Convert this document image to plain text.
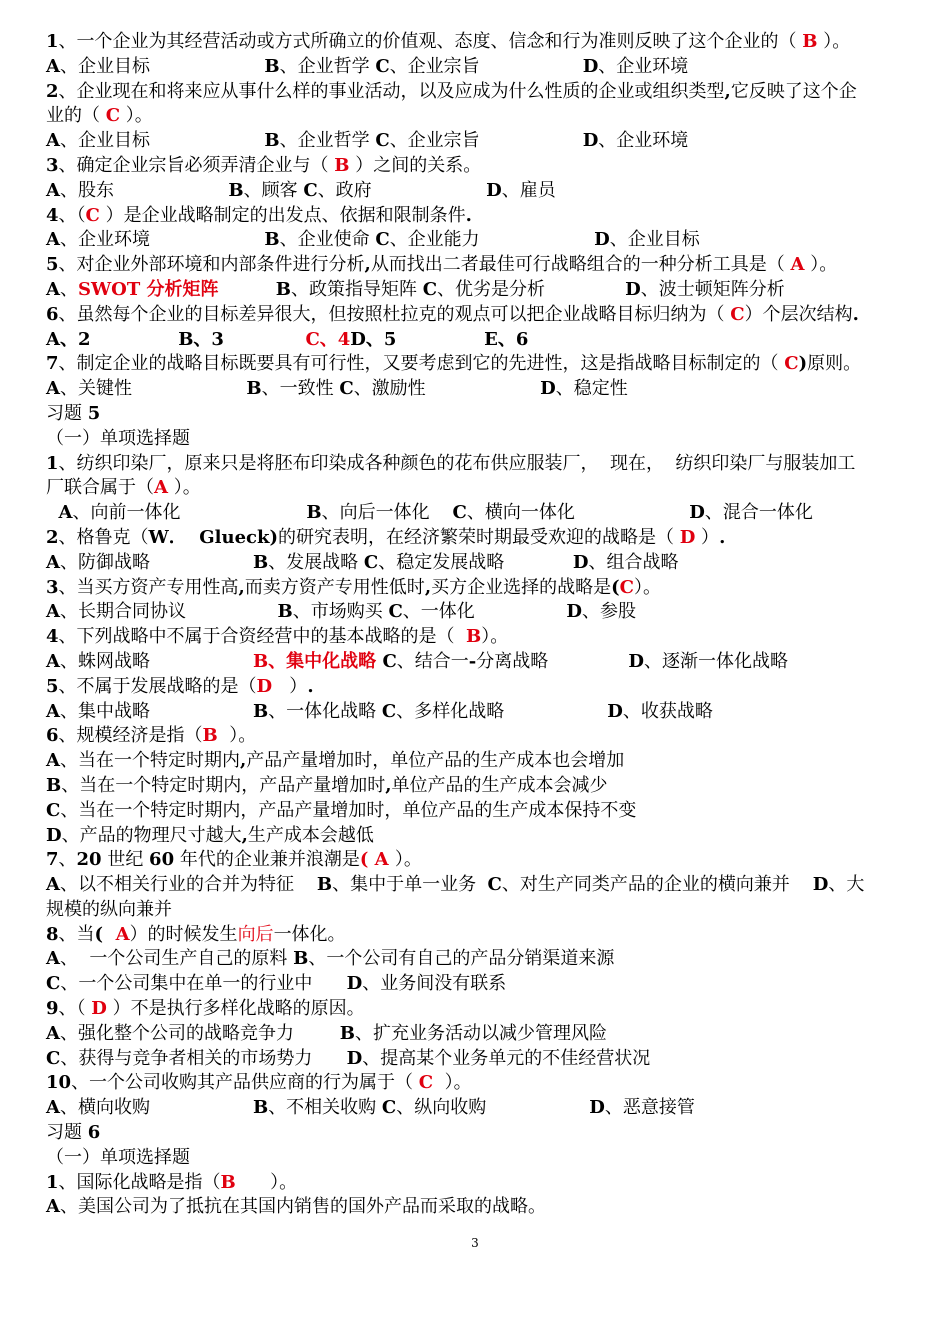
1、一个企业为其经营活动或方式所确立的价值观、态度、信念和行为准则反映了这个企业的（ B ）。
A、企业目标                    B、企业哲学 C、企业宗旨                  D、企业环境
2、企业现在和将来应从事什么样的事业活动，以及应成为什么性质的企业或组织类型,它反映了这个企
业的（ C ）。
A、企业目标                    B、企业哲学 C、企业宗旨                  D、企业环境
3、确定企业宗旨必须弄清企业与（ B ）之间的关系。
A、股东                    B、顾客 C、政府                    D、雇员
4、（C ）是企业战略制定的出发点、依据和限制条件.
A、企业环境                    B、企业使命 C、企业能力                    D、企业目标
5、对企业外部环境和内部条件进行分析,从而找出二者最佳可行战略组合的一种分析工具是（ A ）。
A、SWOT 分析矩阵	B、政策指导矩阵 C、优劣是分析              D、波士顿矩阵分析
6、虽然每个企业的目标差异很大，但按照杜拉克的观点可以把企业战略目标归纳为（ C）个层次结构.
A、2              B、3             C、4D、5              E、6
7、制定企业的战略目标既要具有可行性，又要考虑到它的先进性，这是指战略目标制定的（ C)原则。
A、关键性                    B、一致性 C、激励性                    D、稳定性
习题 5
（一）单项选择题
1、纺织印染厂，原来只是将胚布印染成各种颜色的花布供应服装厂，  现在，  纺织印染厂与服装加工
厂联合属于（A ）。
A、向前一体化                      B、向后一体化    C、横向一体化                    D、混合一体化
2、格鲁克（W．  Glueck)的研究表明，在经济繁荣时期最受欢迎的战略是（ D ）.
A、防御战略                  B、发展战略 C、稳定发展战略            D、组合战略
3、当买方资产专用性高,而卖方资产专用性低时,买方企业选择的战略是(C）。
A、长期合同协议                B、市场购买 C、一体化                D、参股
4、下列战略中不属于合资经营中的基本战略的是（  B）。
A、蛛网战略                  B、集中化战略 C、结合一-分离战略              D、逐渐一体化战略
5、不属于发展战略的是（D   ）.
A、集中战略                  B、一体化战略 C、多样化战略                  D、收获战略
6、规模经济是指（B  ）。
A、当在一个特定时期内,产品产量增加时，单位产品的生产成本也会增加
B、当在一个特定时期内，产品产量增加时,单位产品的生产成本会减少
C、当在一个特定时期内，产品产量增加时，单位产品的生产成本保持不变
D、产品的物理尺寸越大,生产成本会越低
7、20 世纪 60 年代的企业兼并浪潮是( A ）。
A、以不相关行业的合并为特征    B、集中于单一业务  C、对生产同类产品的企业的横向兼并    D、大
规模的纵向兼并
8、当(  A）的时候发生向后一体化。
A、  一个公司生产自己的原料 B、一个公司有自己的产品分销渠道来源
C、一个公司集中在单一的行业中      D、业务间没有联系
9、（ D ）不是执行多样化战略的原因。
A、强化整个公司的战略竞争力        B、扩充业务活动以减少管理风险
C、获得与竞争者相关的市场势力      D、提高某个业务单元的不佳经营状况
10、一个公司收购其产品供应商的行为属于（ C  ）。
A、横向收购                  B、不相关收购 C、纵向收购                  D、恶意接管
习题 6
（一）单项选择题
1、国际化战略是指（B      ）。
A、美国公司为了抵抗在其国内销售的国外产品而采取的战略。
3
